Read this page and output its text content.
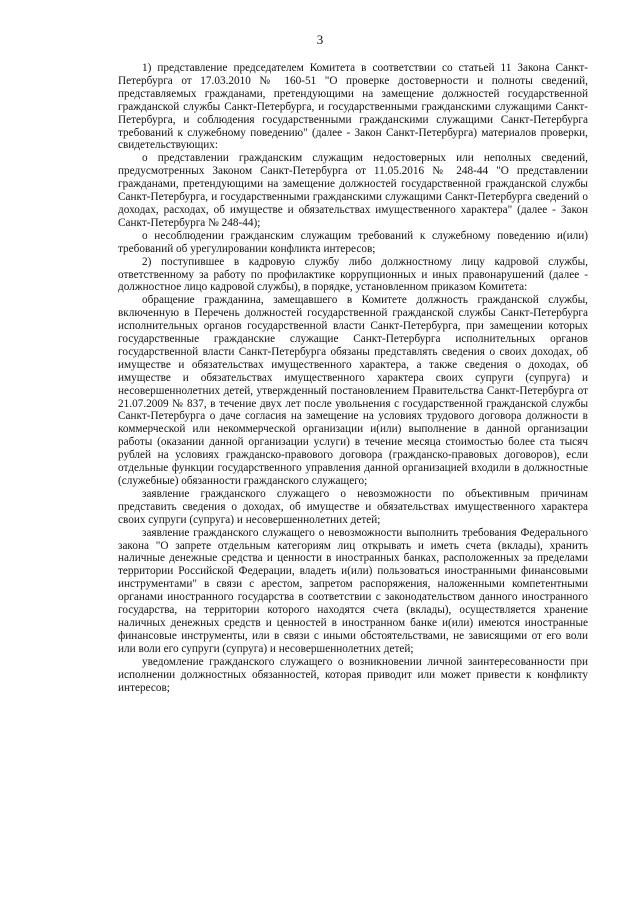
3

1) представление председателем Комитета в соответствии со статьей 11 Закона Санкт-Петербурга от 17.03.2010 № 160-51 "О проверке достоверности и полноты сведений, представляемых гражданами, претендующими на замещение должностей государственной гражданской службы Санкт-Петербурга, и государственными гражданскими служащими Санкт-Петербурга, и соблюдения государственными гражданскими служащими Санкт-Петербурга требований к служебному поведению" (далее - Закон Санкт-Петербурга) материалов проверки, свидетельствующих:

о представлении гражданским служащим недостоверных или неполных сведений, предусмотренных Законом Санкт-Петербурга от 11.05.2016 № 248-44 "О представлении гражданами, претендующими на замещение должностей государственной гражданской службы Санкт-Петербурга, и государственными гражданскими служащими Санкт-Петербурга сведений о доходах, расходах, об имуществе и обязательствах имущественного характера" (далее - Закон Санкт-Петербурга № 248-44);

о несоблюдении гражданским служащим требований к служебному поведению и(или) требований об урегулировании конфликта интересов;

2) поступившее в кадровую службу либо должностному лицу кадровой службы, ответственному за работу по профилактике коррупционных и иных правонарушений (далее - должностное лицо кадровой службы), в порядке, установленном приказом Комитета:

обращение гражданина, замещавшего в Комитете должность гражданской службы, включенную в Перечень должностей государственной гражданской службы Санкт-Петербурга исполнительных органов государственной власти Санкт-Петербурга, при замещении которых государственные гражданские служащие Санкт-Петербурга исполнительных органов государственной власти Санкт-Петербурга обязаны представлять сведения о своих доходах, об имуществе и обязательствах имущественного характера, а также сведения о доходах, об имуществе и обязательствах имущественного характера своих супруги (супруга) и несовершеннолетних детей, утвержденный постановлением Правительства Санкт-Петербурга от 21.07.2009 № 837, в течение двух лет после увольнения с государственной гражданской службы Санкт-Петербурга о даче согласия на замещение на условиях трудового договора должности в коммерческой или некоммерческой организации и(или) выполнение в данной организации работы (оказании данной организации услуги) в течение месяца стоимостью более ста тысяч рублей на условиях гражданско-правового договора (гражданско-правовых договоров), если отдельные функции государственного управления данной организацией входили в должностные (служебные) обязанности гражданского служащего;

заявление гражданского служащего о невозможности по объективным причинам представить сведения о доходах, об имуществе и обязательствах имущественного характера своих супруги (супруга) и несовершеннолетних детей;

заявление гражданского служащего о невозможности выполнить требования Федерального закона "О запрете отдельным категориям лиц открывать и иметь счета (вклады), хранить наличные денежные средства и ценности в иностранных банках, расположенных за пределами территории Российской Федерации, владеть и(или) пользоваться иностранными финансовыми инструментами" в связи с арестом, запретом распоряжения, наложенными компетентными органами иностранного государства в соответствии с законодательством данного иностранного государства, на территории которого находятся счета (вклады), осуществляется хранение наличных денежных средств и ценностей в иностранном банке и(или) имеются иностранные финансовые инструменты, или в связи с иными обстоятельствами, не зависящими от его воли или воли его супруги (супруга) и несовершеннолетних детей;

уведомление гражданского служащего о возникновении личной заинтересованности при исполнении должностных обязанностей, которая приводит или может привести к конфликту интересов;
